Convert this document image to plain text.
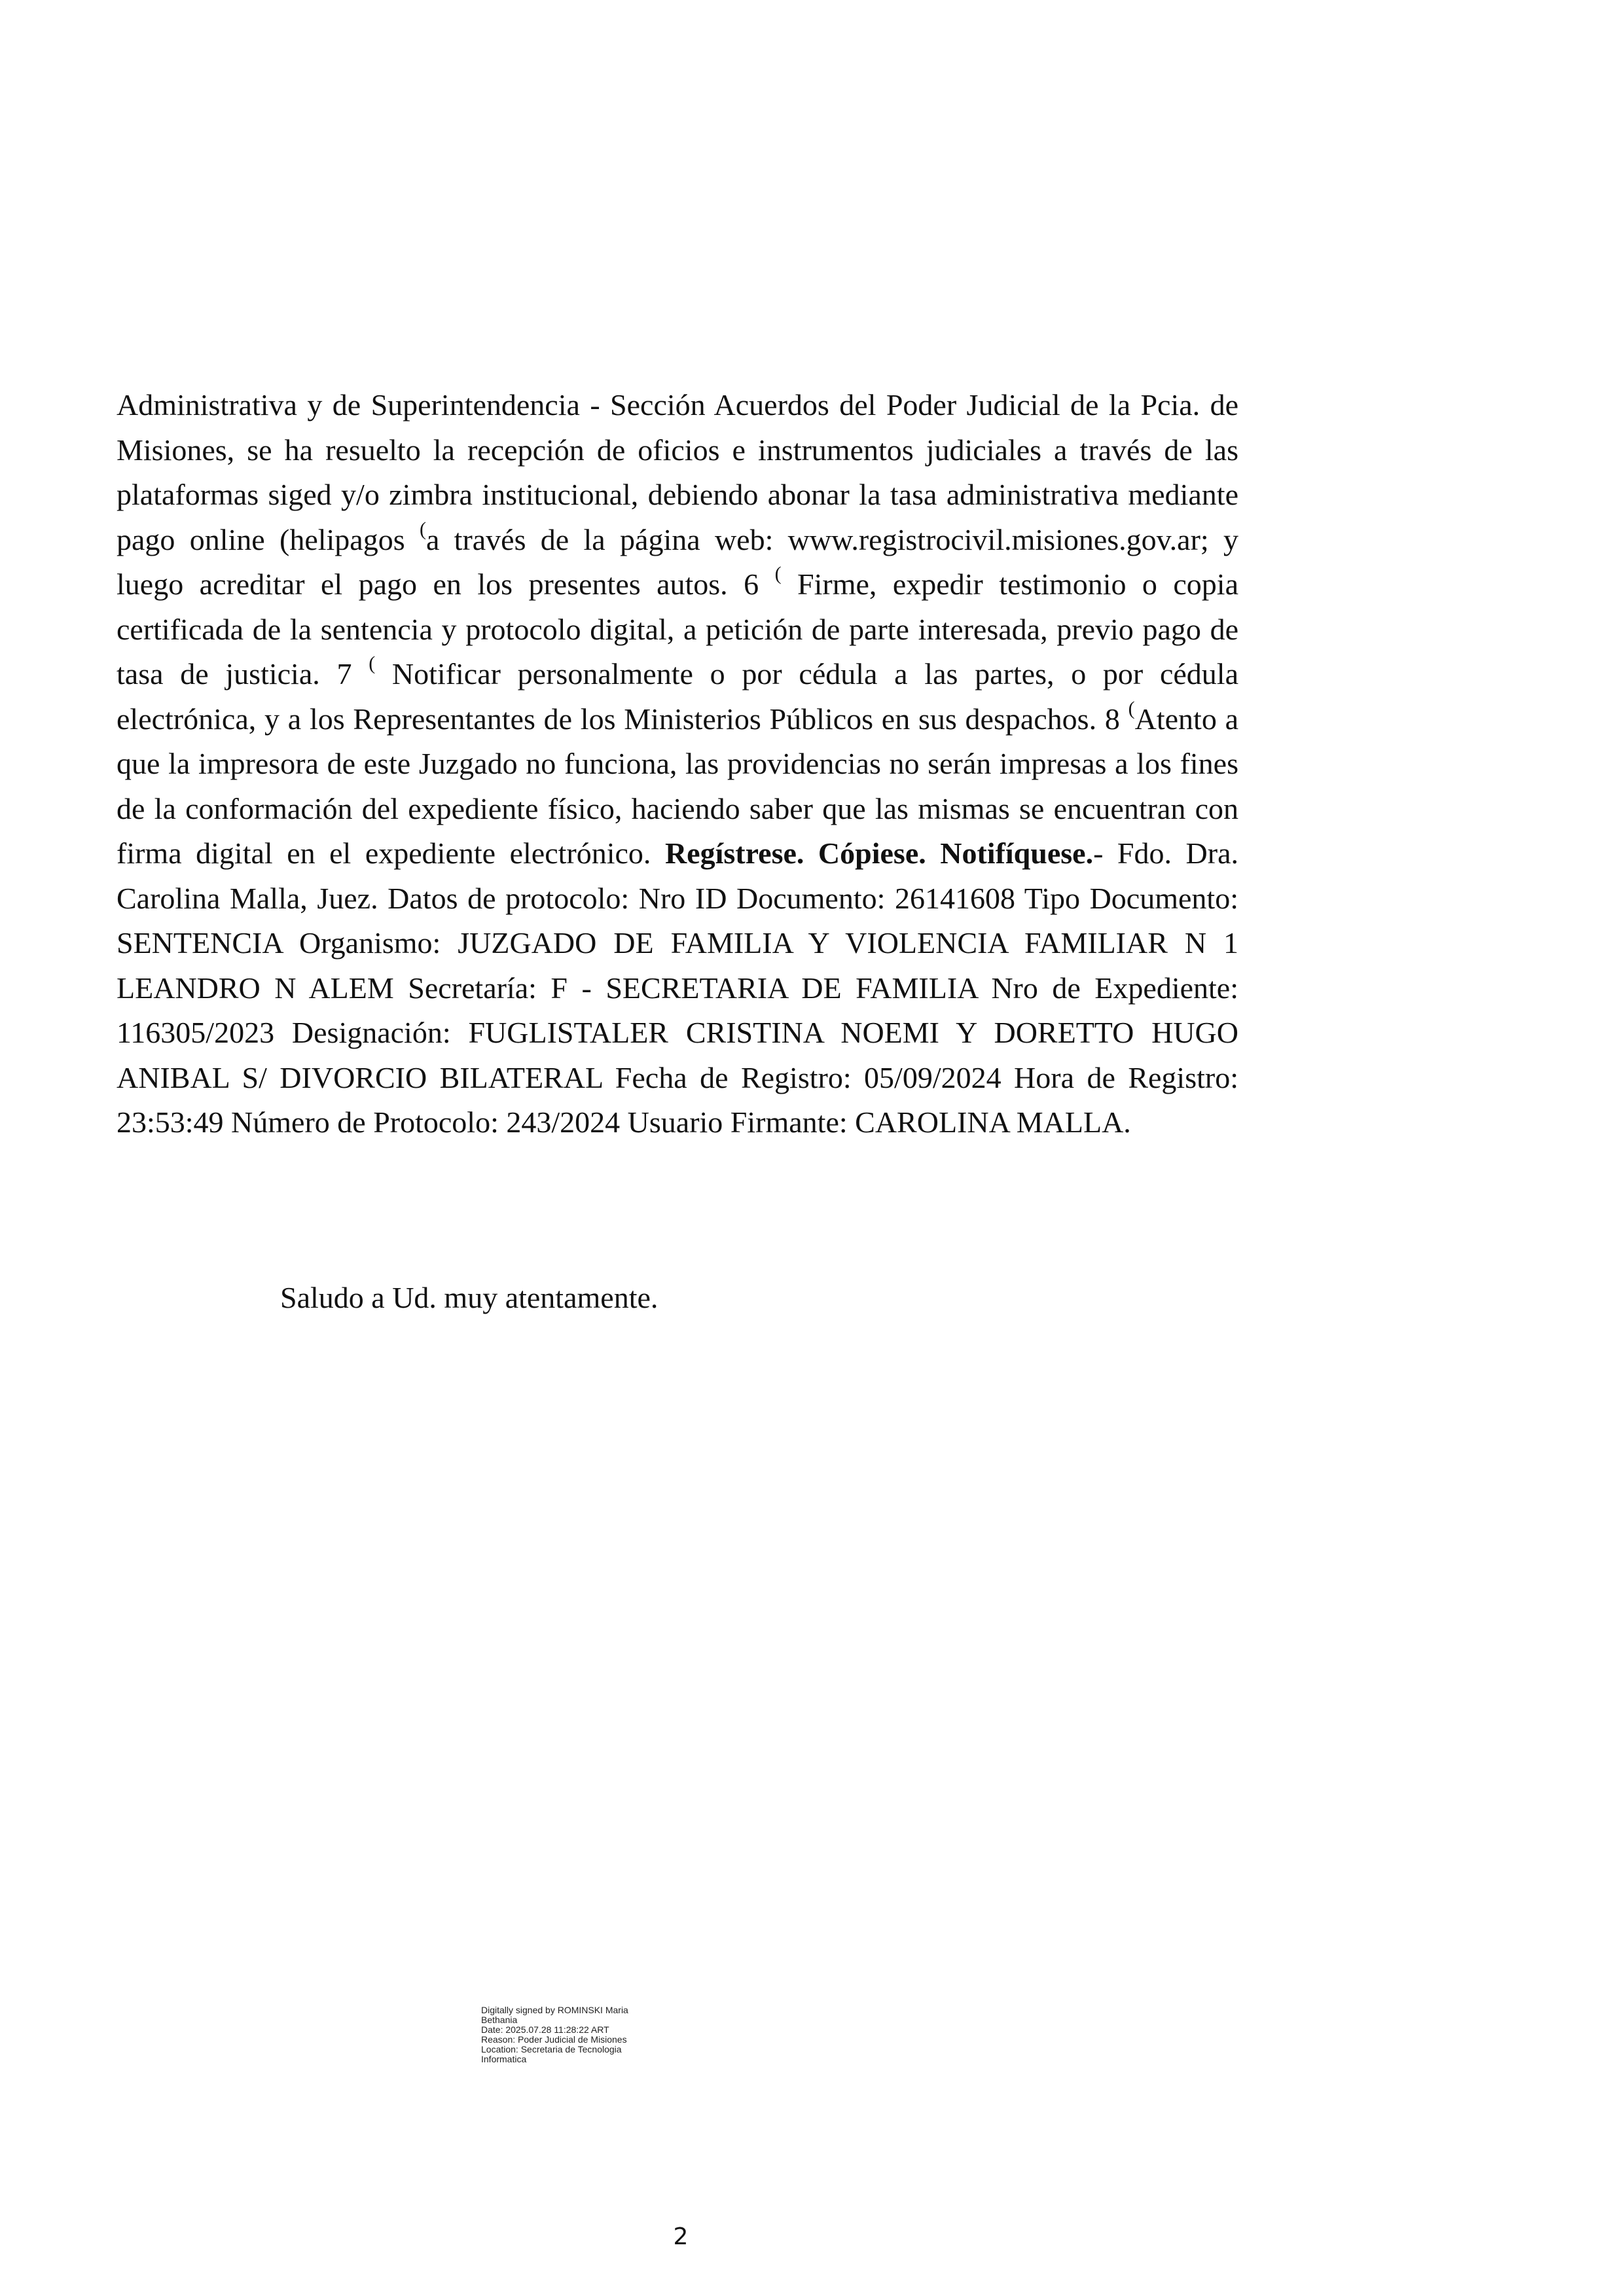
Administrativa y de Superintendencia - Sección Acuerdos del Poder Judicial de la Pcia. de Misiones, se ha resuelto la recepción de oficios e instrumentos judiciales a través de las plataformas siged y/o zimbra institucional, debiendo abonar la tasa administrativa mediante pago online (helipagos (a través de la página web: www.registrocivil.misiones.gov.ar; y luego acreditar el pago en los presentes autos. 6 ( Firme, expedir testimonio o copia certificada de la sentencia y protocolo digital, a petición de parte interesada, previo pago de tasa de justicia. 7 ( Notificar personalmente o por cédula a las partes, o por cédula electrónica, y a los Representantes de los Ministerios Públicos en sus despachos. 8 (Atento a que la impresora de este Juzgado no funciona, las providencias no serán impresas a los fines de la conformación del expediente físico, haciendo saber que las mismas se encuentran con firma digital en el expediente electrónico. Regístrese. Cópiese. Notifíquese.- Fdo. Dra. Carolina Malla, Juez. Datos de protocolo: Nro ID Documento: 26141608 Tipo Documento: SENTENCIA Organismo: JUZGADO DE FAMILIA Y VIOLENCIA FAMILIAR N 1 LEANDRO N ALEM Secretaría: F - SECRETARIA DE FAMILIA Nro de Expediente: 116305/2023 Designación: FUGLISTALER CRISTINA NOEMI Y DORETTO HUGO ANIBAL S/ DIVORCIO BILATERAL Fecha de Registro: 05/09/2024 Hora de Registro: 23:53:49 Número de Protocolo: 243/2024 Usuario Firmante: CAROLINA MALLA.

Saludo a Ud. muy atentamente.

Digitally signed by ROMINSKI Maria
Bethania
Date: 2025.07.28 11:28:22 ART
Reason: Poder Judicial de Misiones
Location: Secretaria de Tecnologia
Informatica
2
